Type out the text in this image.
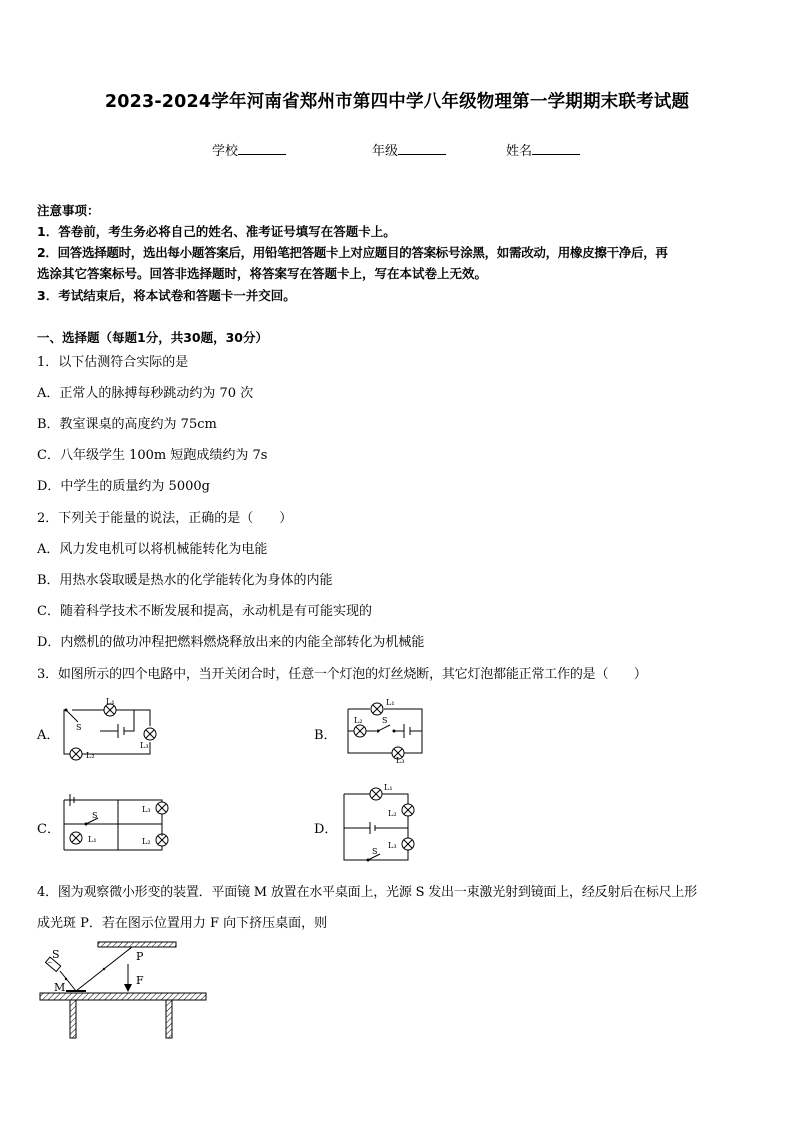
2023-2024学年河南省郑州市第四中学八年级物理第一学期期末联考试题
学校	年级	姓名
注意事项：
1．答卷前，考生务必将自己的姓名、准考证号填写在答题卡上。
2．回答选择题时，选出每小题答案后，用铅笔把答题卡上对应题目的答案标号涂黑，如需改动，用橡皮擦干净后，再
选涂其它答案标号。回答非选择题时，将答案写在答题卡上，写在本试卷上无效。
3．考试结束后，将本试卷和答题卡一并交回。
一、选择题（每题1分，共30题，30分）
1．以下估测符合实际的是
A．正常人的脉搏每秒跳动约为 70 次
B．教室课桌的高度约为 75cm
C．八年级学生 100m 短跑成绩约为 7s
D．中学生的质量约为 5000g
2．下列关于能量的说法，正确的是（　　）
A．风力发电机可以将机械能转化为电能
B．用热水袋取暖是热水的化学能转化为身体的内能
C．随着科学技术不断发展和提高，永动机是有可能实现的
D．内燃机的做功冲程把燃料燃烧释放出来的内能全部转化为机械能
3．如图所示的四个电路中，当开关闭合时，任意一个灯泡的灯丝烧断，其它灯泡都能正常工作的是（　　）
A．	B．
C．	D．
L₁
L₂
L₃
S
L₁
L₂
L₃
S
L₃
L₂
L₁
S
L₁
L₂
L₃
S
4．图为观察微小形变的装置．平面镜 M 放置在水平桌面上，光源 S 发出一束激光射到镜面上，经反射后在标尺上形
成光斑 P．若在图示位置用力 F 向下挤压桌面，则
S
M
P
F
